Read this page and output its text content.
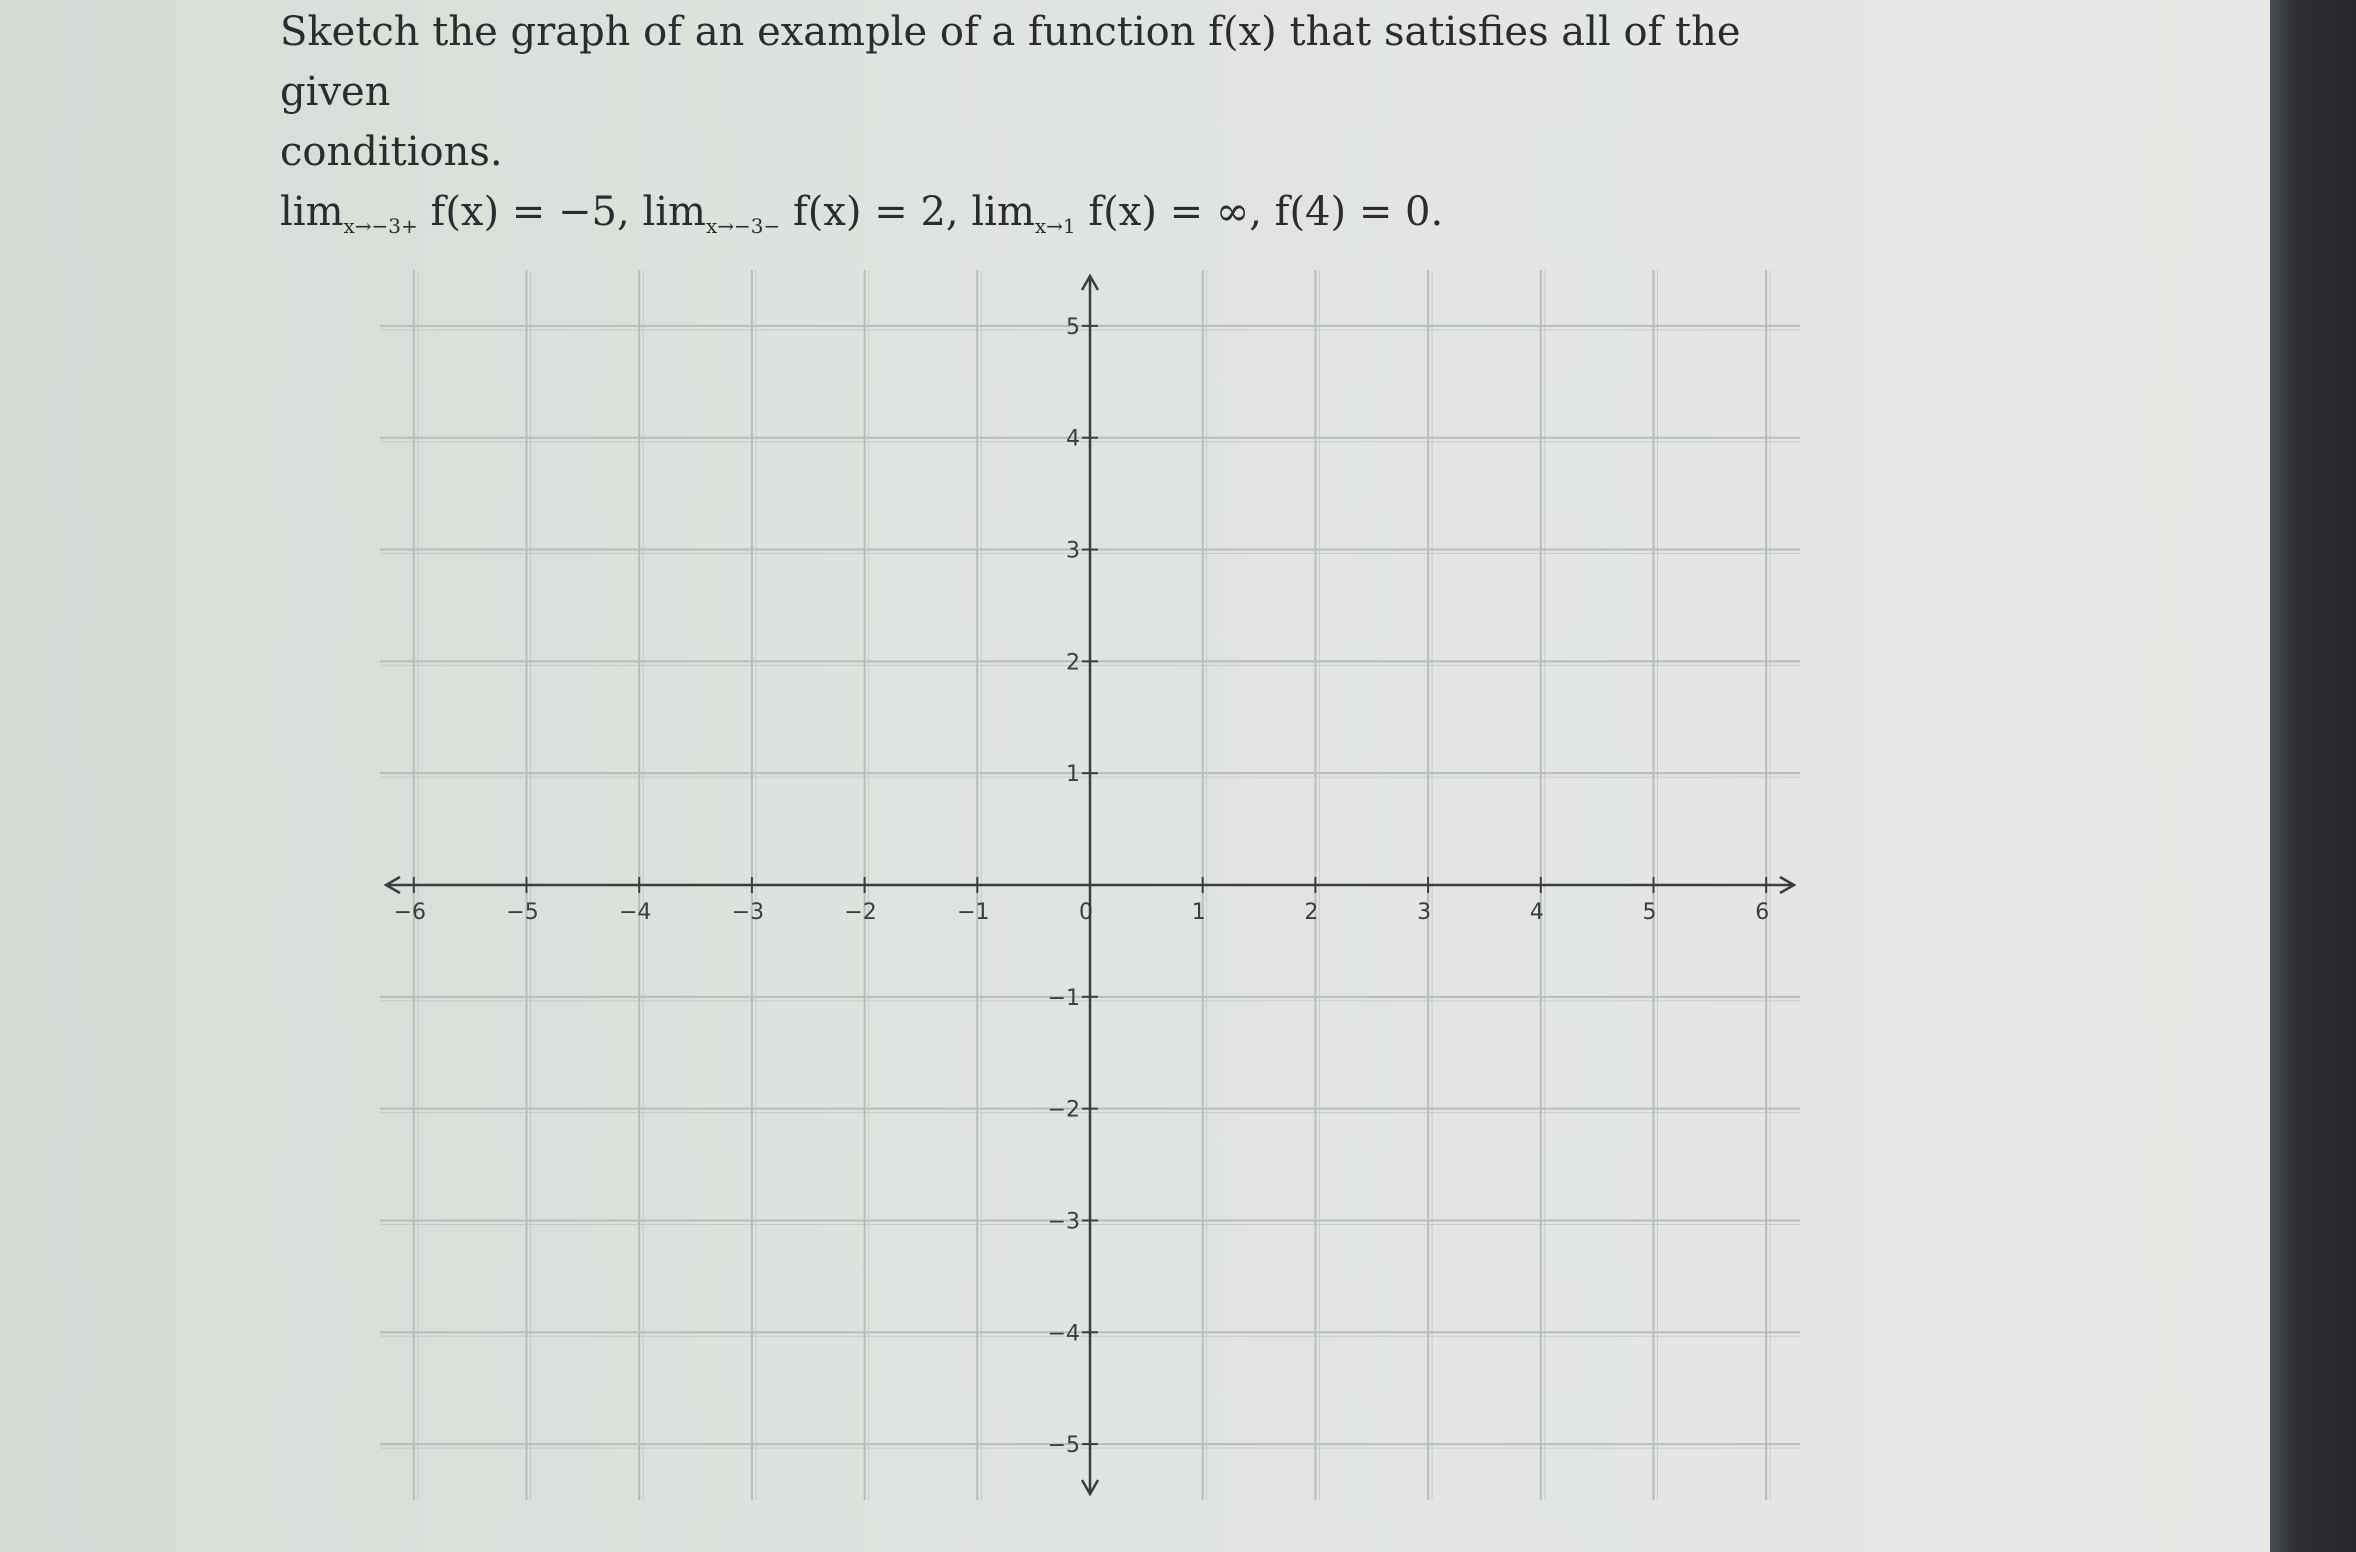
Sketch the graph of an example of a function f(x) that satisfies all of the given
conditions.
$\lim_{x\to-3+} f(x) = -5$, $\lim_{x\to-3-} f(x) = 2$, $\lim_{x\to 1} f(x)$ = ∞, f(4) = 0.
−6	−5	−4	−3	−2	−1	0	1	2	3	4	5	6
−5
−4
−3
−2
−1
1
2
3
4
5
